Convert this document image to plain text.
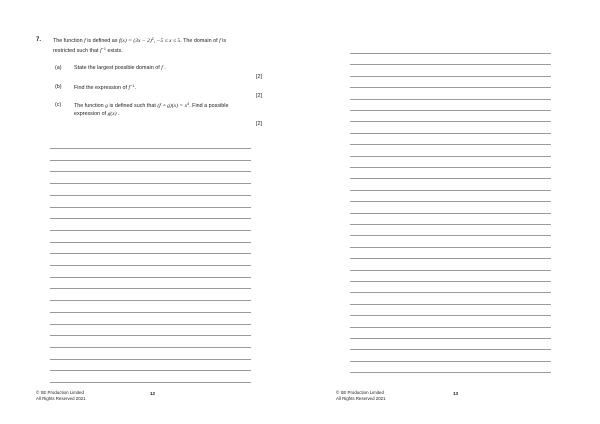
7. The function f is defined as $f(x) = (3x - 2)^2$, −5 ≤ x ≤ 5. The domain of f is
restricted such that $f^{-1}$ exists.
(a) State the largest possible domain of f .
[2]
(b) Find the expression of $f^{-1}$.
[2]
(c) The function g is defined such that (f ∘ $g)(x) = x^4$. Find a possible
expression of g(x) .
[2]
© SE Production Limited
All Rights Reserved 2021
12	© SE Production Limited
All Rights Reserved 2021
13
